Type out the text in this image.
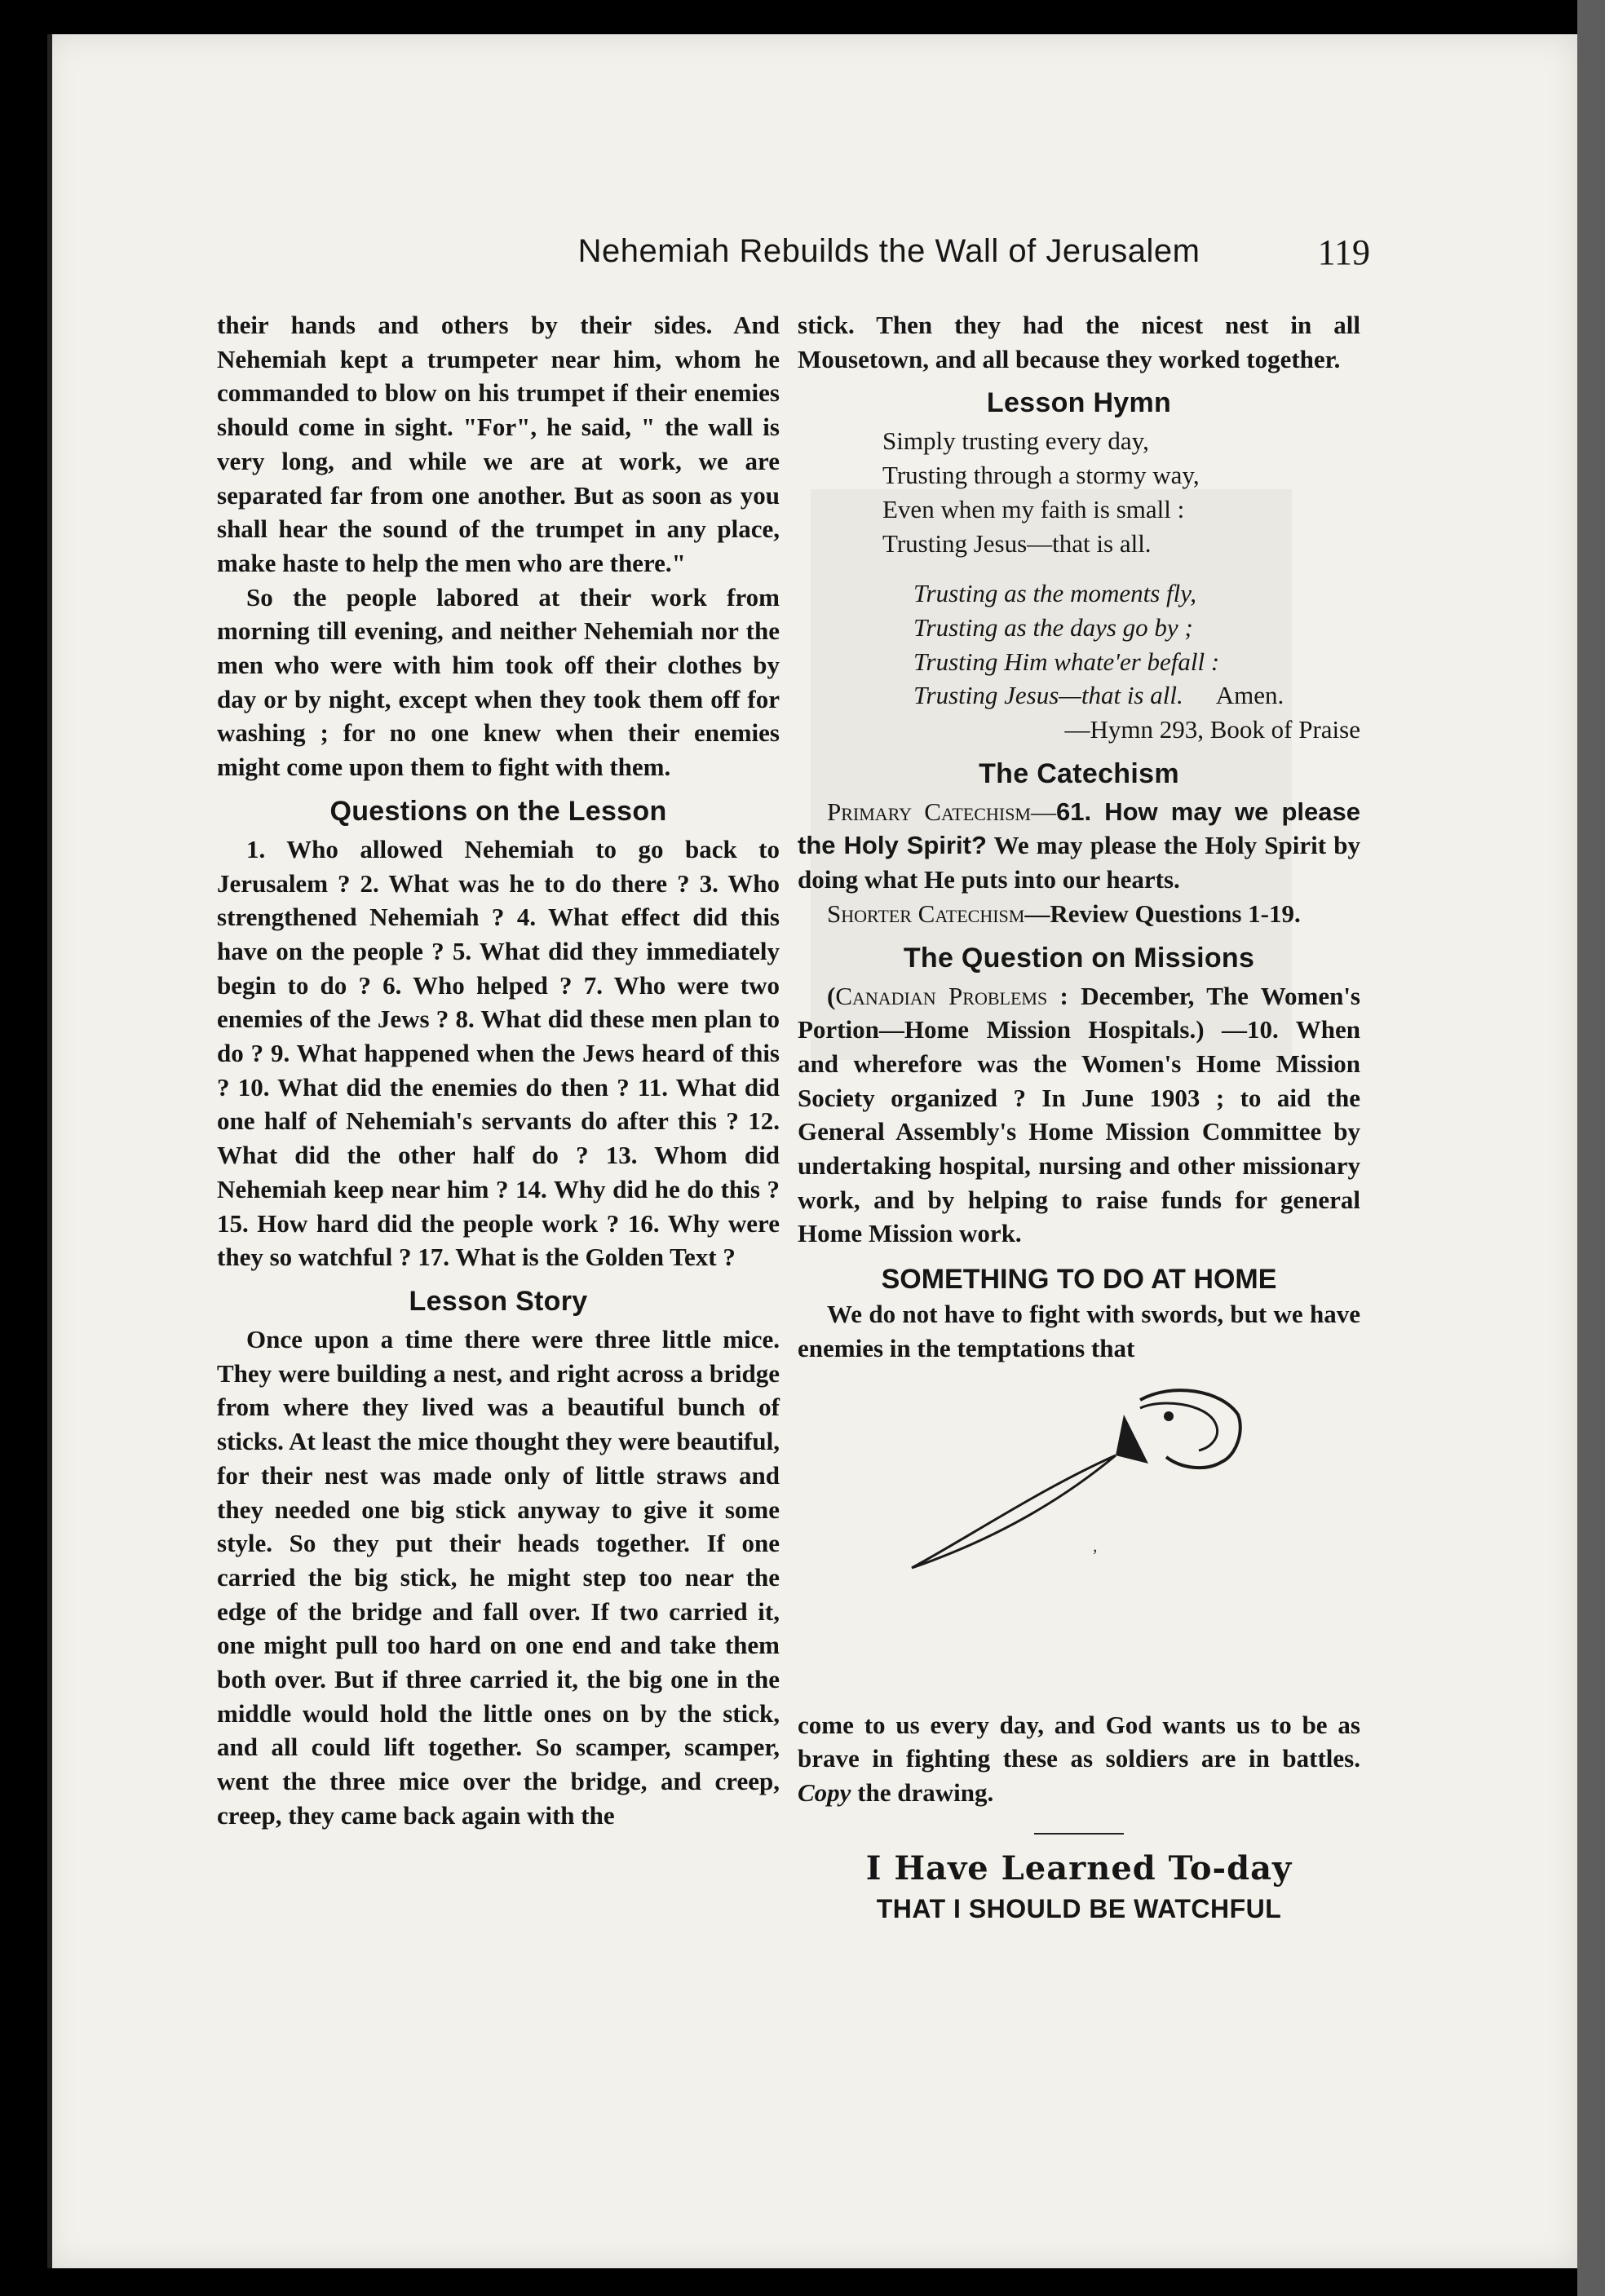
Nehemiah Rebuilds the Wall of Jerusalem	119

their hands and others by their sides. And Nehemiah kept a trumpeter near him, whom he commanded to blow on his trumpet if their enemies should come in sight. "For", he said, " the wall is very long, and while we are at work, we are separated far from one another. But as soon as you shall hear the sound of the trumpet in any place, make haste to help the men who are there."

So the people labored at their work from morning till evening, and neither Nehemiah nor the men who were with him took off their clothes by day or by night, except when they took them off for washing ; for no one knew when their enemies might come upon them to fight with them.

Questions on the Lesson

1. Who allowed Nehemiah to go back to Jerusalem ? 2. What was he to do there ? 3. Who strengthened Nehemiah ? 4. What effect did this have on the people ? 5. What did they immediately begin to do ? 6. Who helped ? 7. Who were two enemies of the Jews ? 8. What did these men plan to do ? 9. What happened when the Jews heard of this ? 10. What did the enemies do then ? 11. What did one half of Nehemiah's servants do after this ? 12. What did the other half do ? 13. Whom did Nehemiah keep near him ? 14. Why did he do this ? 15. How hard did the people work ? 16. Why were they so watchful ? 17. What is the Golden Text ?

Lesson Story

Once upon a time there were three little mice. They were building a nest, and right across a bridge from where they lived was a beautiful bunch of sticks. At least the mice thought they were beautiful, for their nest was made only of little straws and they needed one big stick anyway to give it some style. So they put their heads together. If one carried the big stick, he might step too near the edge of the bridge and fall over. If two carried it, one might pull too hard on one end and take them both over. But if three carried it, the big one in the middle would hold the little ones on by the stick, and all could lift together. So scamper, scamper, went the three mice over the bridge, and creep, creep, they came back again with the

stick. Then they had the nicest nest in all Mousetown, and all because they worked together.

Lesson Hymn
Simply trusting every day,
Trusting through a stormy way,
Even when my faith is small :
Trusting Jesus—that is all.
Trusting as the moments fly,
Trusting as the days go by ;
Trusting Him whate'er befall :
Trusting Jesus—that is all. Amen.
—Hymn 293, Book of Praise
The Catechism

Primary Catechism—61. How may we please the Holy Spirit? We may please the Holy Spirit by doing what He puts into our hearts.

Shorter Catechism—Review Questions 1-19.

The Question on Missions

(Canadian Problems : December, The Women's Portion—Home Mission Hospitals.) —10. When and wherefore was the Women's Home Mission Society organized ? In June 1903 ; to aid the General Assembly's Home Mission Committee by undertaking hospital, nursing and other missionary work, and by helping to raise funds for general Home Mission work.

SOMETHING TO DO AT HOME

We do not have to fight with swords, but we have enemies in the temptations that

,

come to us every day, and God wants us to be as brave in fighting these as soldiers are in battles. Copy the drawing.

I Have Learned To-day

THAT I SHOULD BE WATCHFUL
